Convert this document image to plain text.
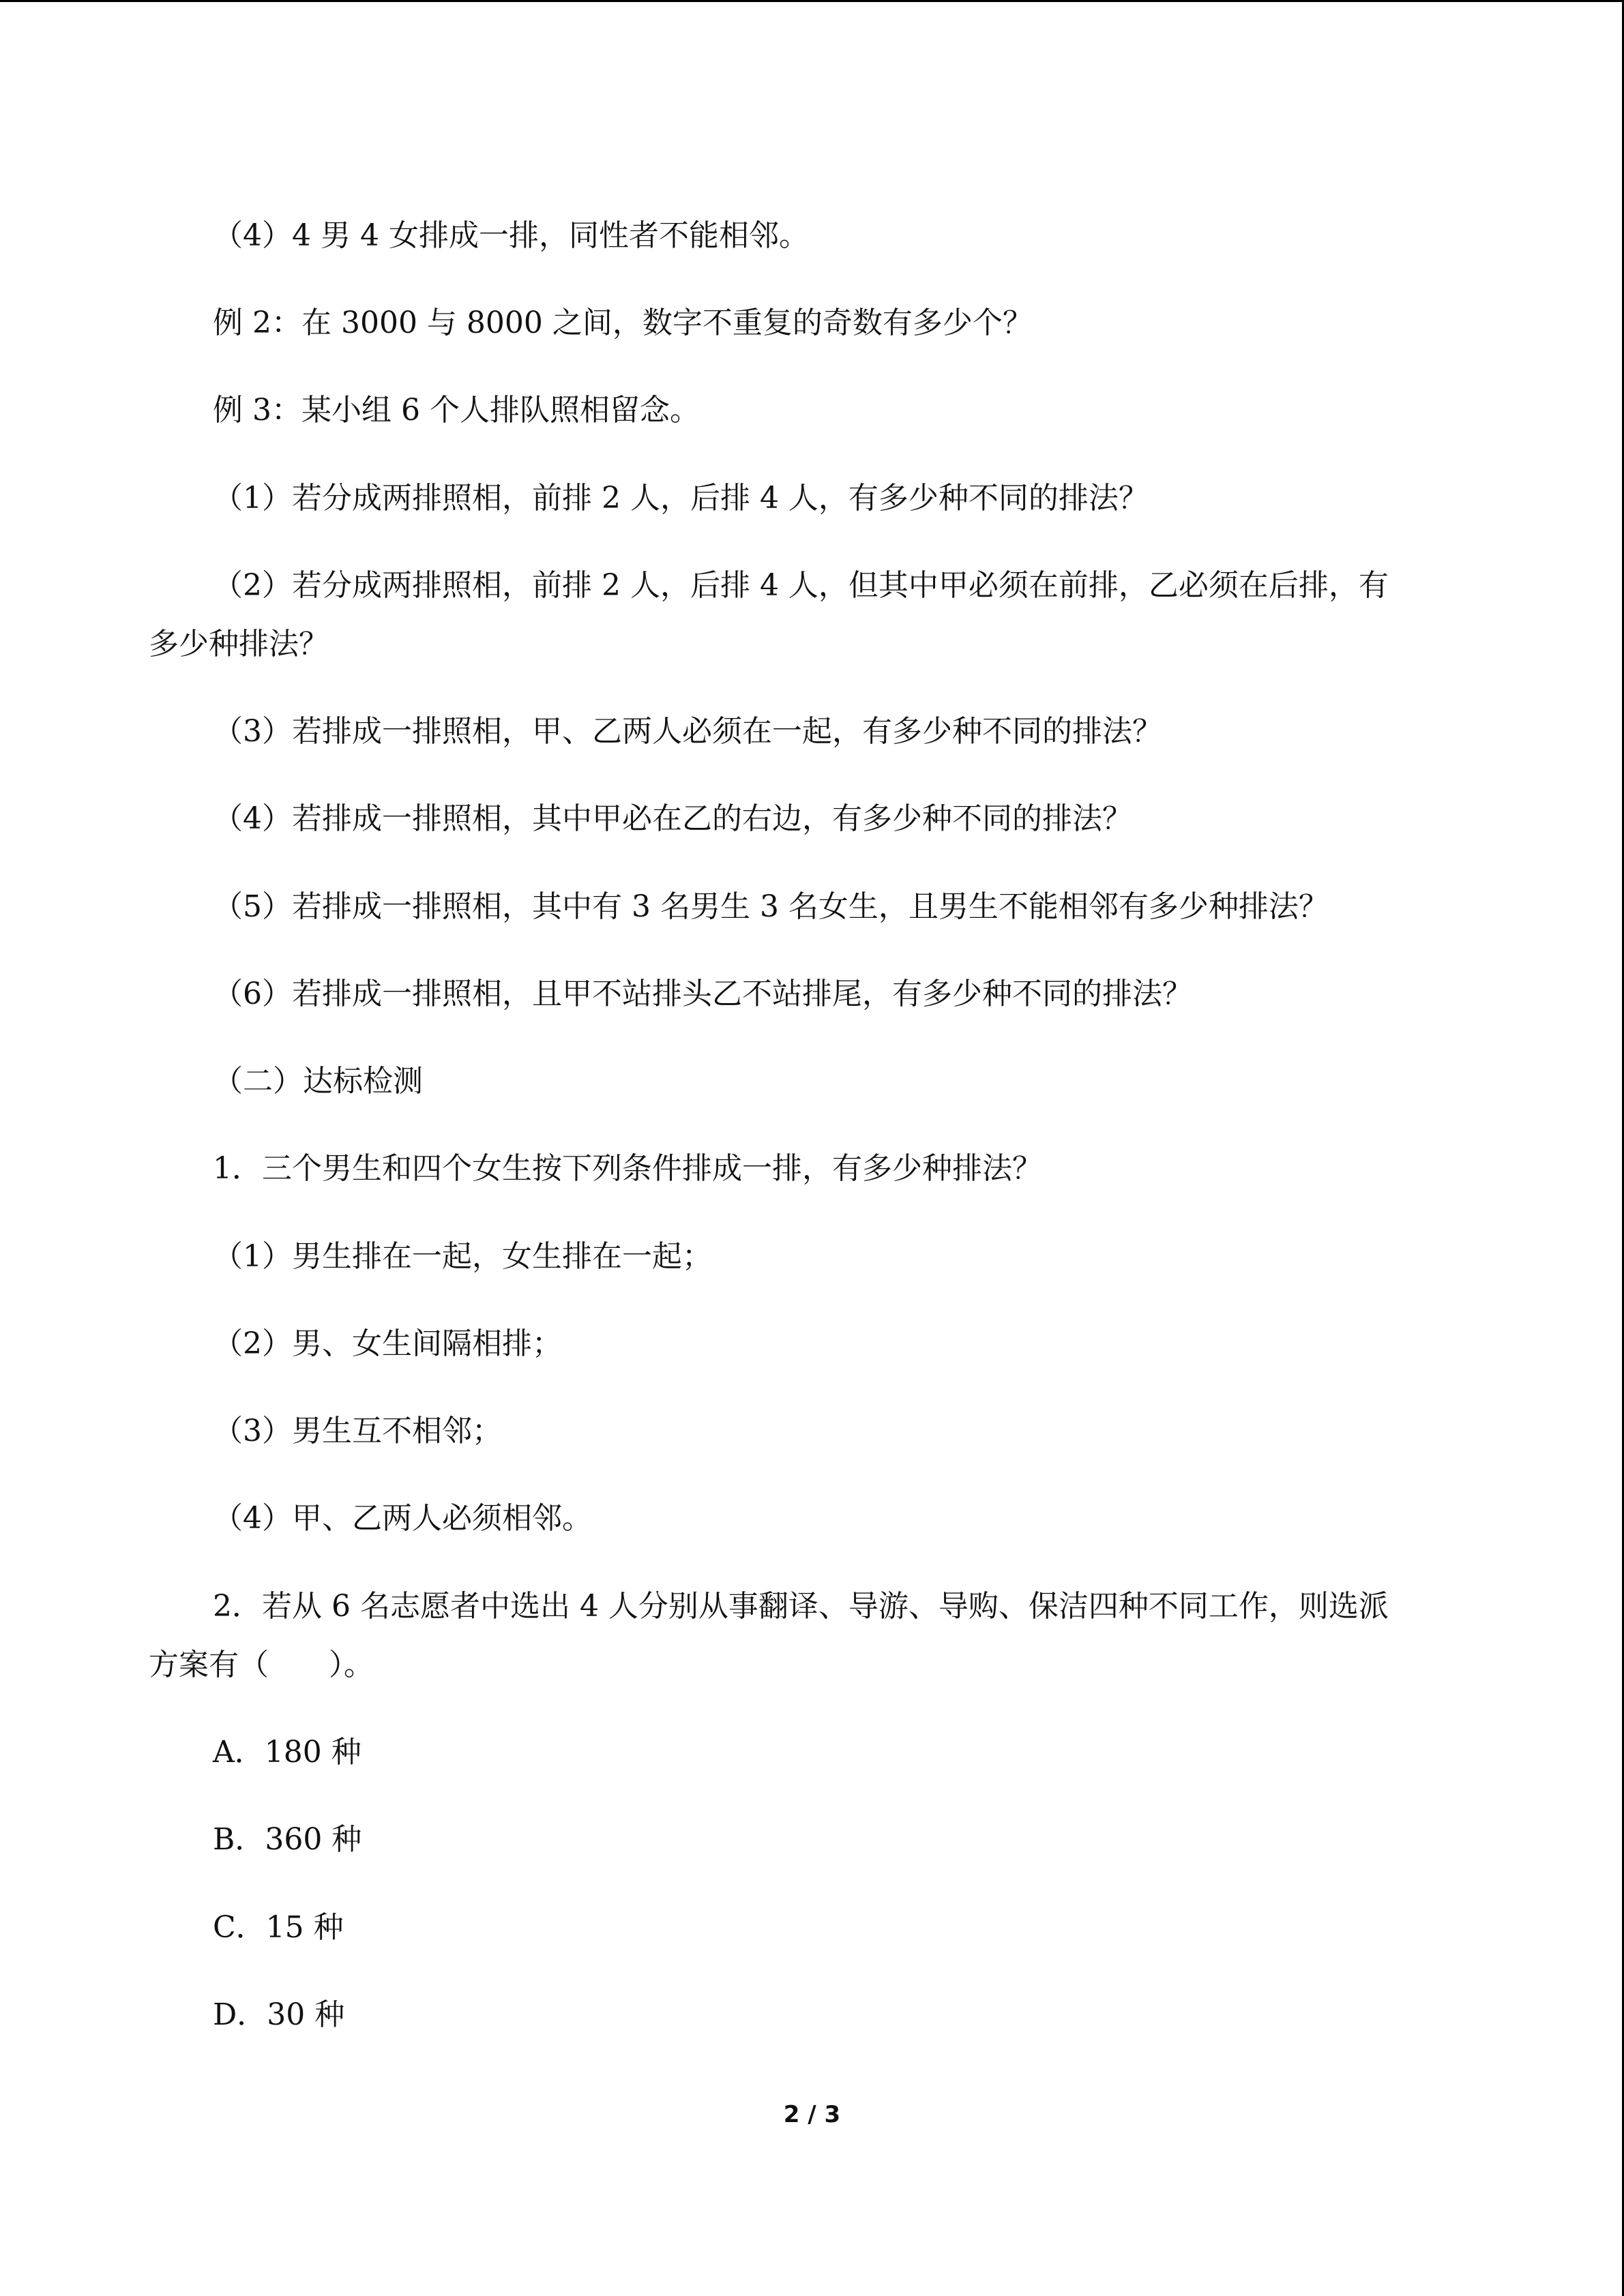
（4）4 男 4 女排成一排，同性者不能相邻。
例 2：在 3000 与 8000 之间，数字不重复的奇数有多少个？
例 3：某小组 6 个人排队照相留念。
（1）若分成两排照相，前排 2 人，后排 4 人，有多少种不同的排法？
（2）若分成两排照相，前排 2 人，后排 4 人，但其中甲必须在前排，乙必须在后排，有
多少种排法？
（3）若排成一排照相，甲、乙两人必须在一起，有多少种不同的排法？
（4）若排成一排照相，其中甲必在乙的右边，有多少种不同的排法？
（5）若排成一排照相，其中有 3 名男生 3 名女生，且男生不能相邻有多少种排法？
（6）若排成一排照相，且甲不站排头乙不站排尾，有多少种不同的排法？
（二）达标检测
1．三个男生和四个女生按下列条件排成一排，有多少种排法？
（1）男生排在一起，女生排在一起；
（2）男、女生间隔相排；
（3）男生互不相邻；
（4）甲、乙两人必须相邻。
2．若从 6 名志愿者中选出 4 人分别从事翻译、导游、导购、保洁四种不同工作，则选派
方案有（　　）。
A．180 种
B．360 种
C．15 种
D．30 种
2 / 3
